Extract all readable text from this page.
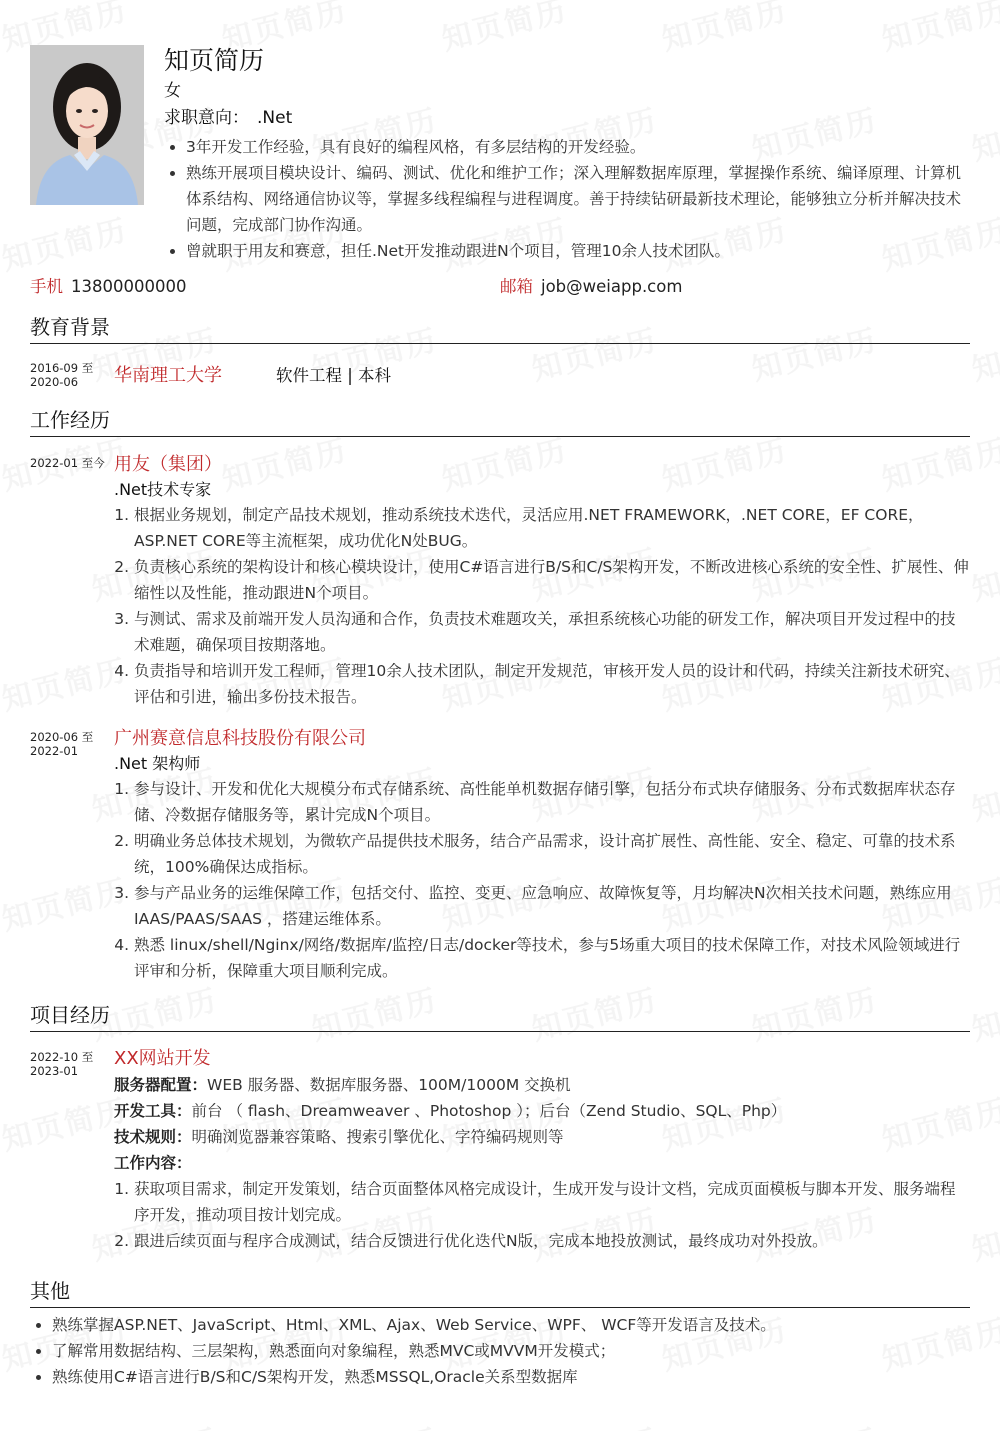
知页简历
女
求职意向： .Net
• 3年开发工作经验，具有良好的编程风格，有多层结构的开发经验。
• 熟练开展项目模块设计、编码、测试、优化和维护工作；深入理解数据库原理，掌握操作系统、编译原理、计算机体系结构、网络通信协议等，掌握多线程编程与进程调度。善于持续钻研最新技术理论，能够独立分析并解决技术问题，完成部门协作沟通。
• 曾就职于用友和赛意，担任.Net开发推动跟进N个项目，管理10余人技术团队。
手机 13800000000	邮箱 job@weiapp.com
教育背景
2016-09 至
2020-06	华南理工大学	软件工程 | 本科
工作经历
2022-01 至今 用友（集团）
.Net技术专家
1. 根据业务规划，制定产品技术规划，推动系统技术迭代，灵活应用.NET FRAMEWORK，.NET CORE，EF CORE，ASP.NET CORE等主流框架，成功优化N处BUG。
2. 负责核心系统的架构设计和核心模块设计，使用C#语言进行B/S和C/S架构开发，不断改进核心系统的安全性、扩展性、伸缩性以及性能，推动跟进N个项目。
3. 与测试、需求及前端开发人员沟通和合作，负责技术难题攻关，承担系统核心功能的研发工作，解决项目开发过程中的技术难题，确保项目按期落地。
4. 负责指导和培训开发工程师，管理10余人技术团队，制定开发规范，审核开发人员的设计和代码，持续关注新技术研究、评估和引进，输出多份技术报告。
2020-06 至
2022-01
广州赛意信息科技股份有限公司
.Net 架构师
1. 参与设计、开发和优化大规模分布式存储系统、高性能单机数据存储引擎，包括分布式块存储服务、分布式数据库状态存储、冷数据存储服务等，累计完成N个项目。
2. 明确业务总体技术规划，为微软产品提供技术服务，结合产品需求，设计高扩展性、高性能、安全、稳定、可靠的技术系统，100%确保达成指标。
3. 参与产品业务的运维保障工作，包括交付、监控、变更、应急响应、故障恢复等，月均解决N次相关技术问题，熟练应用 IAAS/PAAS/SAAS ，搭建运维体系。
4. 熟悉 linux/shell/Nginx/网络/数据库/监控/日志/docker等技术，参与5场重大项目的技术保障工作，对技术风险领域进行评审和分析，保障重大项目顺利完成。
项目经历
2022-10 至
2023-01
XX网站开发
服务器配置：WEB 服务器、数据库服务器、100M/1000M 交换机
开发工具：前台 （ flash、Dreamweaver 、Photoshop ）；后台（Zend Studio、SQL、Php）
技术规则：明确浏览器兼容策略、搜索引擎优化、字符编码规则等
工作内容：
1. 获取项目需求，制定开发策划，结合页面整体风格完成设计，生成开发与设计文档，完成页面模板与脚本开发、服务端程序开发，推动项目按计划完成。
2. 跟进后续页面与程序合成测试，结合反馈进行优化迭代N版，完成本地投放测试，最终成功对外投放。
其他
• 熟练掌握ASP.NET、JavaScript、Html、XML、Ajax、Web Service、WPF、 WCF等开发语言及技术。
• 了解常用数据结构、三层架构，熟悉面向对象编程，熟悉MVC或MVVM开发模式；
• 熟练使用C#语言进行B/S和C/S架构开发，熟悉MSSQL,Oracle关系型数据库
